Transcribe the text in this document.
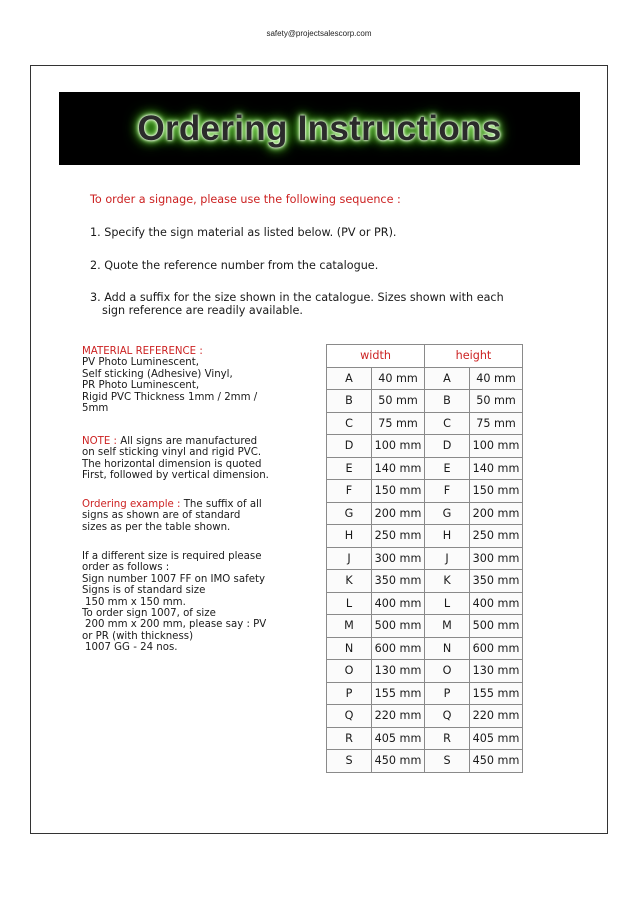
safety@projectsalescorp.com
Ordering Instructions
To order a signage, please use the following sequence :
1. Specify the sign material as listed below. (PV or PR).
2. Quote the reference number from the catalogue.
3. Add a suffix for the size shown in the catalogue. Sizes shown with each
sign reference are readily available.
MATERIAL REFERENCE :
PV Photo Luminescent,
Self sticking (Adhesive) Vinyl,
PR Photo Luminescent,
Rigid PVC Thickness 1mm / 2mm /
5mm
NOTE : All signs are manufactured
on self sticking vinyl and rigid PVC.
The horizontal dimension is quoted
First, followed by vertical dimension.
Ordering example : The suffix of all
signs as shown are of standard
sizes as per the table shown.
If a different size is required please
order as follows :
Sign number 1007 FF on IMO safety
Signs is of standard size
150 mm x 150 mm.
To order sign 1007, of size
200 mm x 200 mm, please say : PV
or PR (with thickness)
1007 GG - 24 nos.
width		height	
A	40 mm	A	40 mm
B	50 mm	B	50 mm
C	75 mm	C	75 mm
D	100 mm	D	100 mm
E	140 mm	E	140 mm
F	150 mm	F	150 mm
G	200 mm	G	200 mm
H	250 mm	H	250 mm
J	300 mm	J	300 mm
K	350 mm	K	350 mm
L	400 mm	L	400 mm
M	500 mm	M	500 mm
N	600 mm	N	600 mm
O	130 mm	O	130 mm
P	155 mm	P	155 mm
Q	220 mm	Q	220 mm
R	405 mm	R	405 mm
S	450 mm	S	450 mm
